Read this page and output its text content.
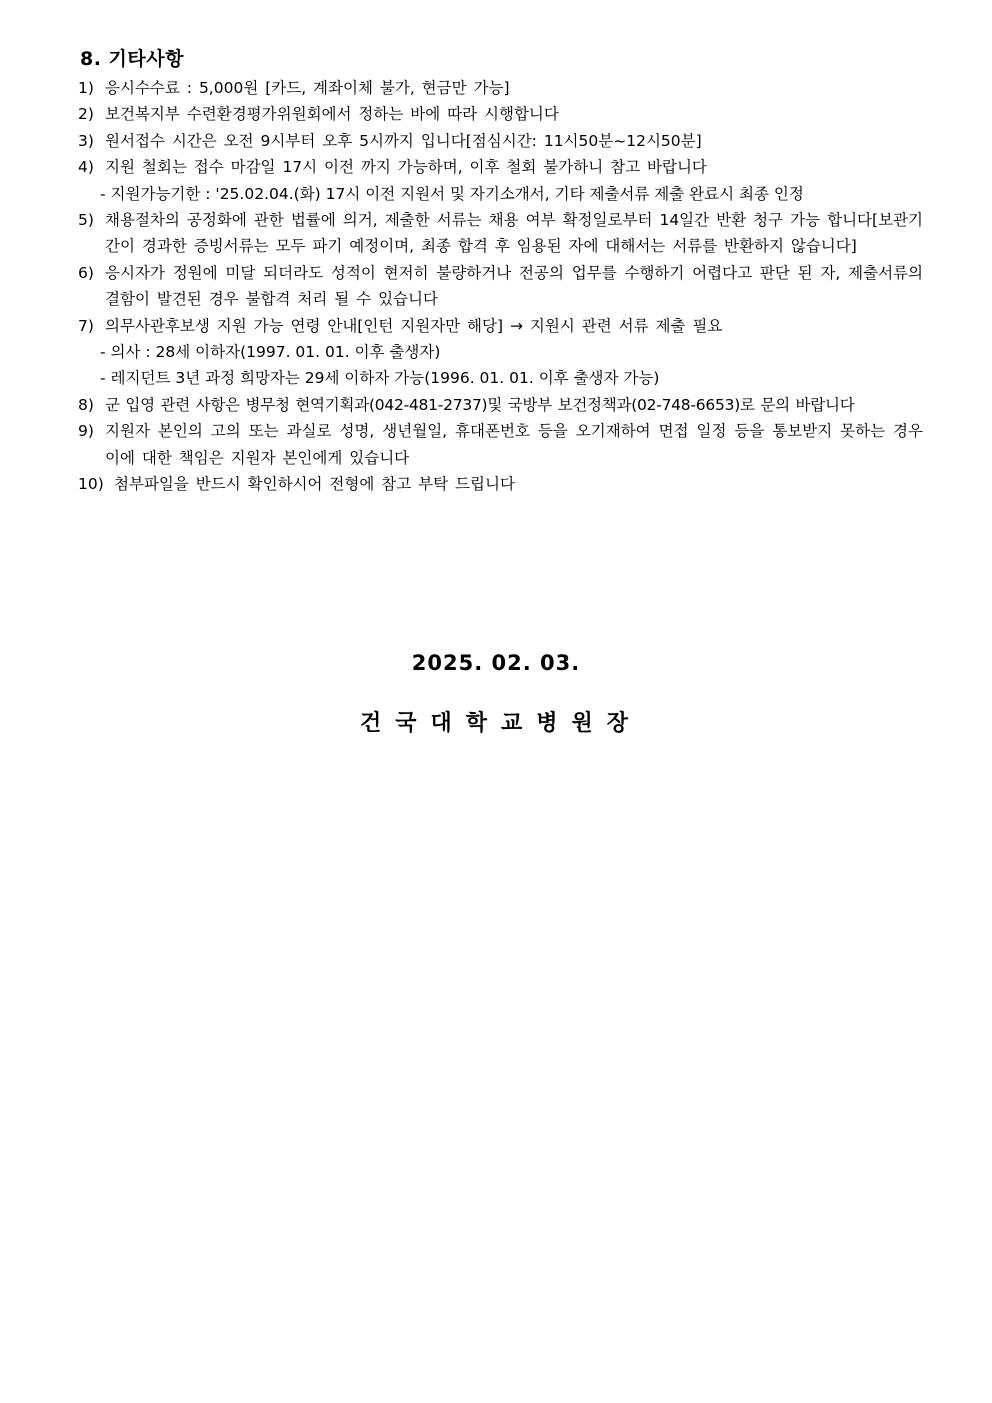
8. 기타사항
1) 응시수수료 : 5,000원 [카드, 계좌이체 불가, 현금만 가능]
2) 보건복지부 수련환경평가위원회에서 정하는 바에 따라 시행합니다
3) 원서접수 시간은 오전 9시부터 오후 5시까지 입니다[점심시간: 11시50분~12시50분]
4) 지원 철회는 접수 마감일 17시 이전 까지 가능하며, 이후 철회 불가하니 참고 바랍니다
- 지원가능기한 : '25.02.04.(화) 17시 이전 지원서 및 자기소개서, 기타 제출서류 제출 완료시 최종 인정
5) 채용절차의 공정화에 관한 법률에 의거, 제출한 서류는 채용 여부 확정일로부터 14일간 반환 청구 가능 합니다[보관기간이 경과한 증빙서류는 모두 파기 예정이며, 최종 합격 후 임용된 자에 대해서는 서류를 반환하지 않습니다]
6) 응시자가 정원에 미달 되더라도 성적이 현저히 불량하거나 전공의 업무를 수행하기 어렵다고 판단 된 자, 제출서류의 결함이 발견된 경우 불합격 처리 될 수 있습니다
7) 의무사관후보생 지원 가능 연령 안내[인턴 지원자만 해당] → 지원시 관련 서류 제출 필요
- 의사 : 28세 이하자(1997. 01. 01. 이후 출생자)
- 레지던트 3년 과정 희망자는 29세 이하자 가능(1996. 01. 01. 이후 출생자 가능)
8) 군 입영 관련 사항은 병무청 현역기획과(042-481-2737)및 국방부 보건정책과(02-748-6653)로 문의 바랍니다
9) 지원자 본인의 고의 또는 과실로 성명, 생년월일, 휴대폰번호 등을 오기재하여 면접 일정 등을 통보받지 못하는 경우 이에 대한 책임은 지원자 본인에게 있습니다
10) 첨부파일을 반드시 확인하시어 전형에 참고 부탁 드립니다
2025. 02. 03.
건국대학교병원장
